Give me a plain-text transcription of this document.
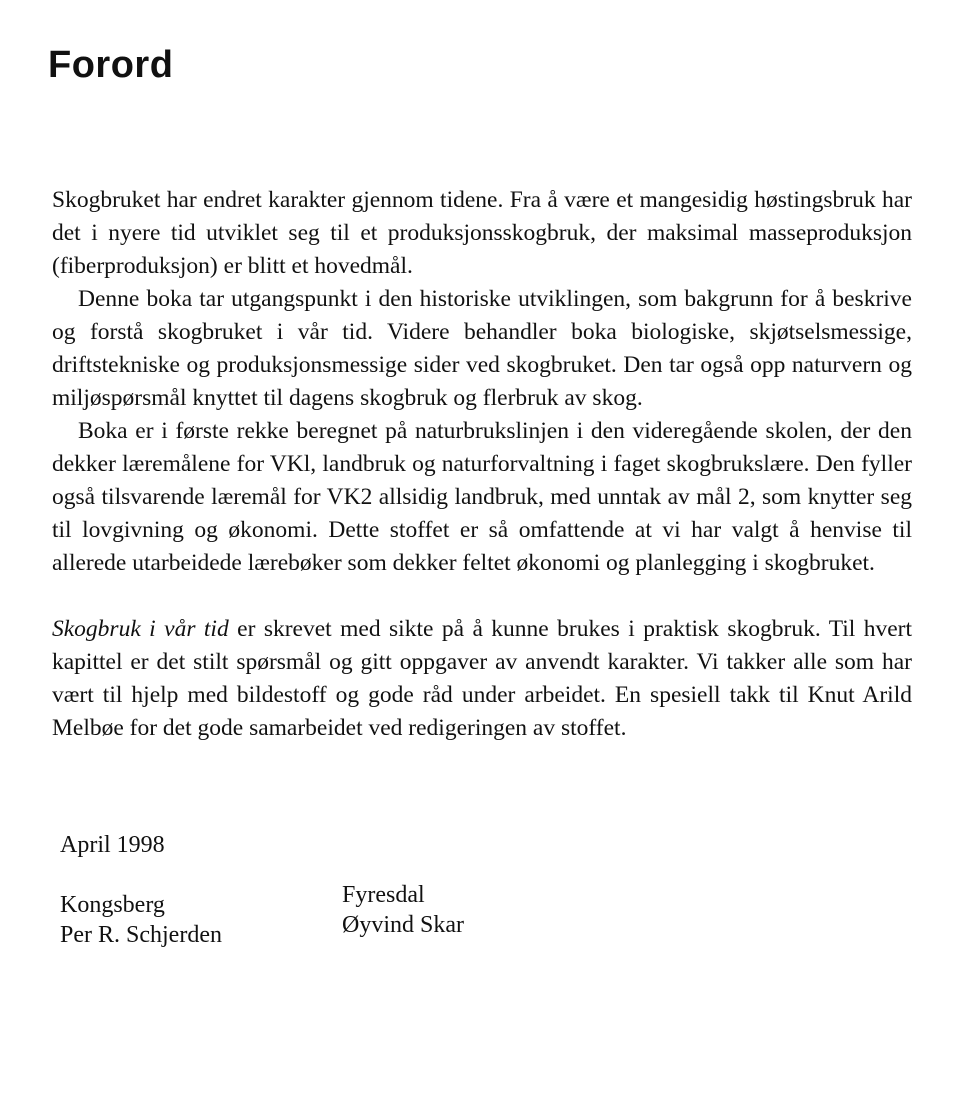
Forord

Skogbruket har endret karakter gjennom tidene. Fra å være et mangesidig høstingsbruk har det i nyere tid utviklet seg til et produksjonsskogbruk, der maksimal masseproduksjon (fiberproduksjon) er blitt et hovedmål.

Denne boka tar utgangspunkt i den historiske utviklingen, som bakgrunn for å beskrive og forstå skogbruket i vår tid. Videre behandler boka biologiske, skjøtselsmessige, driftstekniske og produksjonsmessige sider ved skogbruket. Den tar også opp naturvern og miljøspørsmål knyttet til dagens skogbruk og flerbruk av skog.

Boka er i første rekke beregnet på naturbrukslinjen i den videregående skolen, der den dekker læremålene for VKl, landbruk og naturforvaltning i faget skogbrukslære. Den fyller også tilsvarende læremål for VK2 allsidig landbruk, med unntak av mål 2, som knytter seg til lovgivning og økonomi. Dette stoffet er så omfattende at vi har valgt å henvise til allerede utarbeidede lærebøker som dekker feltet økonomi og planlegging i skogbruket.

Skogbruk i vår tid er skrevet med sikte på å kunne brukes i praktisk skogbruk. Til hvert kapittel er det stilt spørsmål og gitt oppgaver av anvendt karakter. Vi takker alle som har vært til hjelp med bildestoff og gode råd under arbeidet. En spesiell takk til Knut Arild Melbøe for det gode samarbeidet ved redigeringen av stoffet.

April 1998
Kongsberg
Per R. Schjerden
Fyresdal
Øyvind Skar
